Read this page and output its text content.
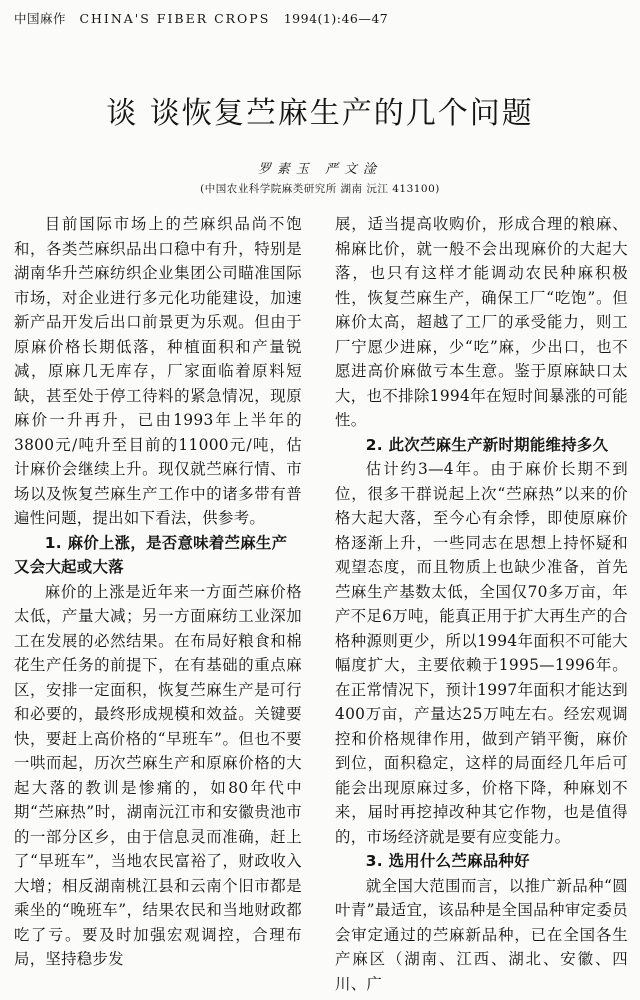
中国麻作 CHINA'S FIBER CROPS 1994(1):46—47
谈 谈恢复苎麻生产的几个问题
罗素玉 严文淦
(中国农业科学院麻类研究所 湖南 沅江 413100)

目前国际市场上的苎麻织品尚不饱和，各类苎麻织品出口稳中有升，特别是湖南华升苎麻纺织企业集团公司瞄准国际市场，对企业进行多元化功能建设，加速新产品开发后出口前景更为乐观。但由于原麻价格长期低落，种植面积和产量锐减，原麻几无库存，厂家面临着原料短缺，甚至处于停工待料的紧急情况，现原麻价一升再升，已由1993年上半年的3800元/吨升至目前的11000元/吨，估计麻价会继续上升。现仅就苎麻行情、市场以及恢复苎麻生产工作中的诸多带有普遍性问题，提出如下看法，供参考。

1. 麻价上涨，是否意味着苎麻生产又会大起或大落

麻价的上涨是近年来一方面苎麻价格太低，产量大减；另一方面麻纺工业深加工在发展的必然结果。在布局好粮食和棉花生产任务的前提下，在有基础的重点麻区，安排一定面积，恢复苎麻生产是可行和必要的，最终形成规模和效益。关键要快，要赶上高价格的“早班车”。但也不要一哄而起，历次苎麻生产和原麻价格的大起大落的教训是惨痛的，如80年代中期“苎麻热”时，湖南沅江市和安徽贵池市的一部分区乡，由于信息灵而准确，赶上了“早班车”，当地农民富裕了，财政收入大增；相反湖南桃江县和云南个旧市都是乘坐的“晚班车”，结果农民和当地财政都吃了亏。要及时加强宏观调控，合理布局，坚持稳步发

展，适当提高收购价，形成合理的粮麻、棉麻比价，就一般不会出现麻价的大起大落，也只有这样才能调动农民种麻积极性，恢复苎麻生产，确保工厂“吃饱”。但麻价太高，超越了工厂的承受能力，则工厂宁愿少进麻，少“吃”麻，少出口，也不愿进高价麻做亏本生意。鉴于原麻缺口太大，也不排除1994年在短时间暴涨的可能性。

2. 此次苎麻生产新时期能维持多久

估计约3—4年。由于麻价长期不到位，很多干群说起上次“苎麻热”以来的价格大起大落，至今心有余悸，即使原麻价格逐渐上升，一些同志在思想上持怀疑和观望态度，而且物质上也缺少准备，首先苎麻生产基数太低，全国仅70多万亩，年产不足6万吨，能真正用于扩大再生产的合格种源则更少，所以1994年面积不可能大幅度扩大，主要依赖于1995—1996年。在正常情况下，预计1997年面积才能达到400万亩，产量达25万吨左右。经宏观调控和价格规律作用，做到产销平衡，麻价到位，面积稳定，这样的局面经几年后可能会出现原麻过多，价格下降，种麻划不来，届时再挖掉改种其它作物，也是值得的，市场经济就是要有应变能力。

3. 选用什么苎麻品种好

就全国大范围而言，以推广新品种“圆叶青”最适宜，该品种是全国品种审定委员会审定通过的苎麻新品种，已在全国各生产麻区（湖南、江西、湖北、安徽、四川、广
